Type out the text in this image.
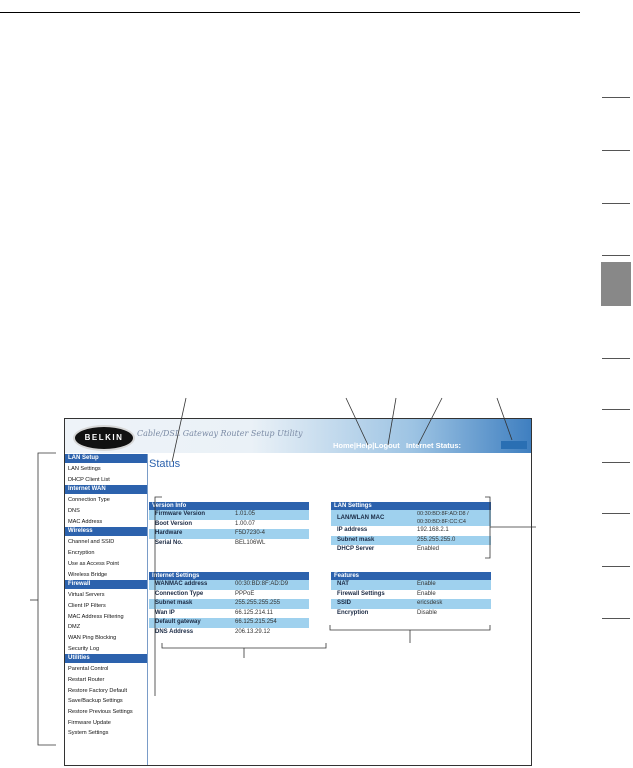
BELKIN	Cable/DSL Gateway Router Setup Utility
Home|Help|Logout Internet Status:
LAN Setup
LAN Settings
DHCP Client List
Internet WAN
Connection Type
DNS
MAC Address
Wireless
Channel and SSID
Encryption
Use as Access Point
Wireless Bridge
Firewall
Virtual Servers
Client IP Filters
MAC Address Filtering
DMZ
WAN Ping Blocking
Security Log
Utilities
Parental Control
Restart Router
Restore Factory Default
Save/Backup Settings
Restore Previous Settings
Firmware Update
System Settings
Status
Version Info
Firmware Version	1.01.05
Boot Version	1.00.07
Hardware	F5D7230-4
Serial No.	BEL106WL
LAN Settings
LAN/WLAN MAC
00:30:BD:8F:AD:D8 /
00:30:BD:8F:CC:C4
IP address	192.168.2.1
Subnet mask	255.255.255.0
DHCP Server	Enabled
Internet Settings
WANMAC address	00:30:BD:8F:AD:D9
Connection Type	PPPoE
Subnet mask	255.255.255.255
Wan IP	66.125.214.11
Default gateway	66.125.215.254
DNS Address	206.13.29.12
Features
NAT	Enable
Firewall Settings	Enable
SSID	ericsdesk
Encryption	Disable
